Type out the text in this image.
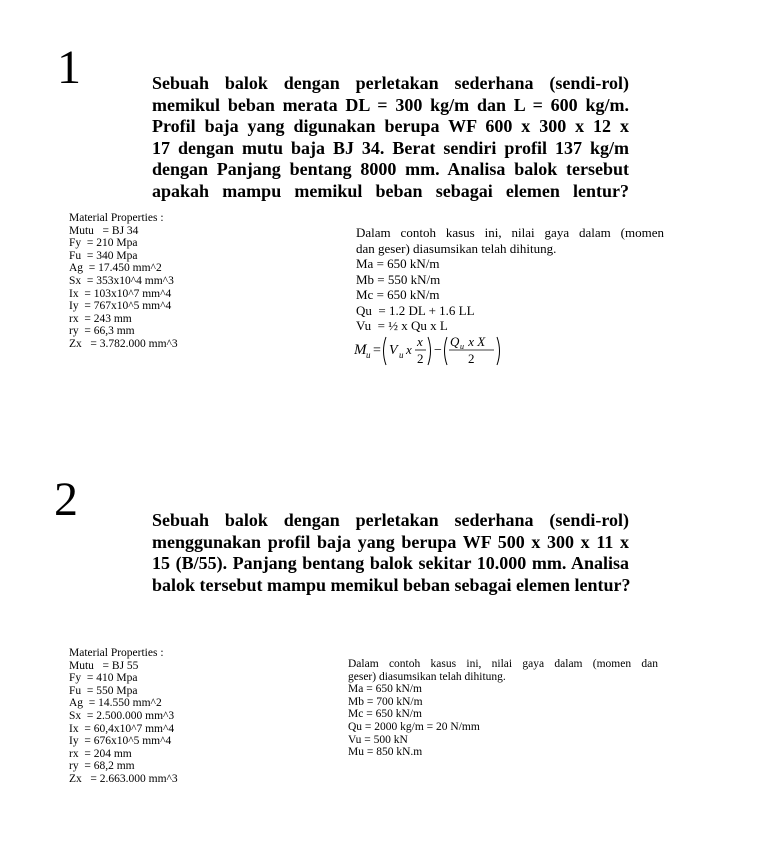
1	Sebuah balok dengan perletakan sederhana (sendi-rol)
memikul beban merata DL = 300 kg/m dan L = 600 kg/m.
Profil baja yang digunakan berupa WF 600 x 300 x 12 x
17 dengan mutu baja BJ 34. Berat sendiri profil 137 kg/m
dengan Panjang bentang 8000 mm. Analisa balok tersebut
apakah mampu memikul beban sebagai elemen lentur?
Material Properties :
Mutu   = BJ 34
Fy  = 210 Mpa
Fu  = 340 Mpa
Ag  = 17.450 mm^2
Sx  = 353x10^4 mm^3
Ix  = 103x10^7 mm^4
Iy  = 767x10^5 mm^4
rx  = 243 mm
ry  = 66,3 mm
Zx   = 3.782.000 mm^3
Dalam contoh kasus ini, nilai gaya dalam (momen
dan geser) diasumsikan telah dihitung.
Ma = 650 kN/m
Mb = 550 kN/m
Mc = 650 kN/m
Qu  = 1.2 DL + 1.6 LL
Vu  = ½ x Qu x L
M u = V u x
x
2
−
Q u x X
2
2	Sebuah balok dengan perletakan sederhana (sendi-rol)
menggunakan profil baja yang berupa WF 500 x 300 x 11 x
15 (B/55). Panjang bentang balok sekitar 10.000 mm. Analisa
balok tersebut mampu memikul beban sebagai elemen lentur?
Material Properties :
Mutu   = BJ 55
Fy  = 410 Mpa
Fu  = 550 Mpa
Ag  = 14.550 mm^2
Sx  = 2.500.000 mm^3
Ix  = 60,4x10^7 mm^4
Iy  = 676x10^5 mm^4
rx  = 204 mm
ry  = 68,2 mm
Zx   = 2.663.000 mm^3
Dalam contoh kasus ini, nilai gaya dalam (momen dan
geser) diasumsikan telah dihitung.
Ma = 650 kN/m
Mb = 700 kN/m
Mc = 650 kN/m
Qu = 2000 kg/m = 20 N/mm
Vu = 500 kN
Mu = 850 kN.m
